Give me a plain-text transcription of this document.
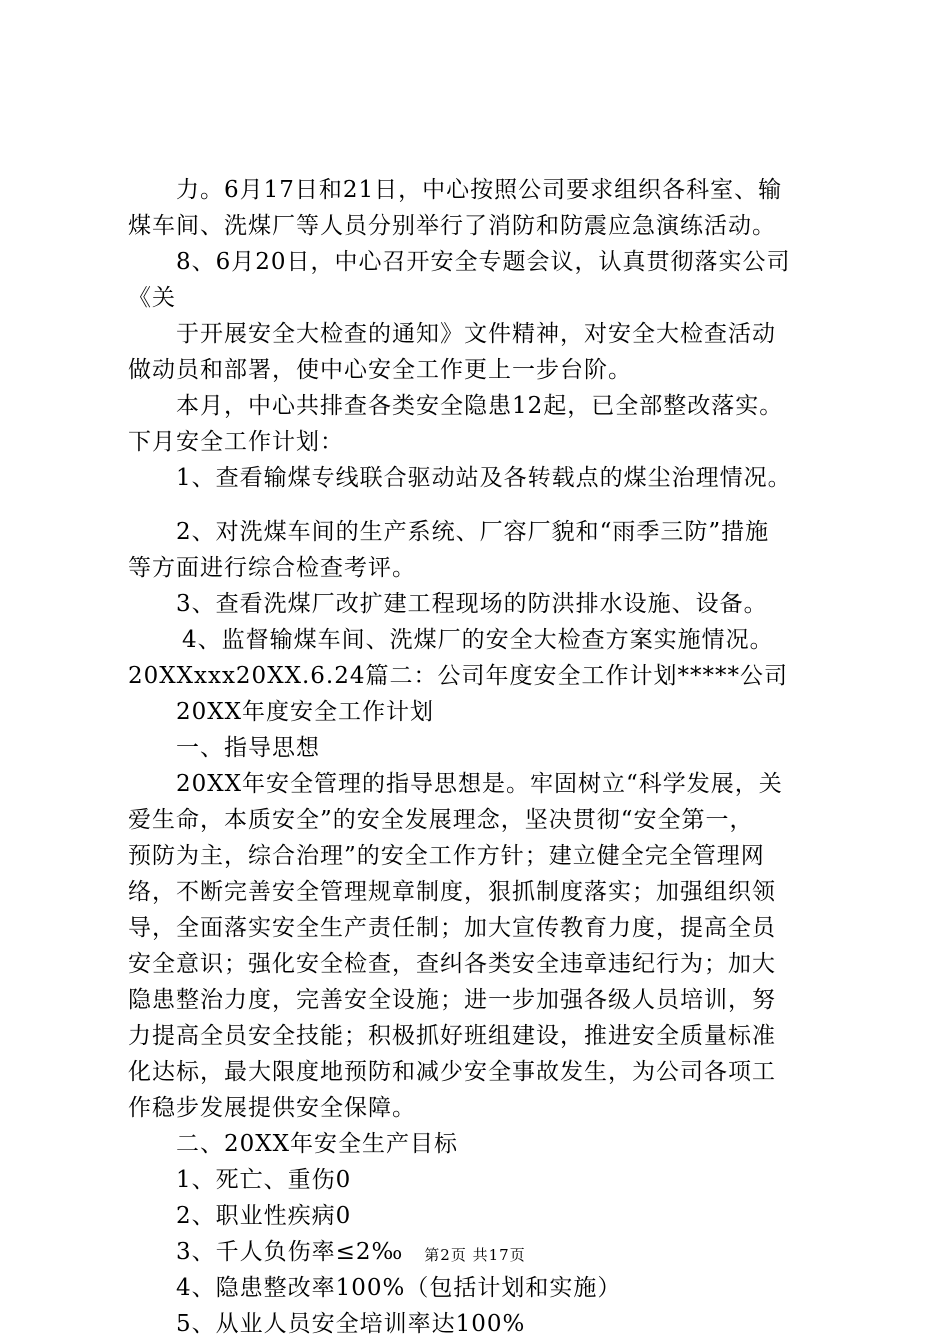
力。6月17日和21日，中心按照公司要求组织各科室、输
煤车间、洗煤厂等人员分别举行了消防和防震应急演练活动。
8、6月20日，中心召开安全专题会议，认真贯彻落实公司
《关
于开展安全大检查的通知》文件精神，对安全大检查活动
做动员和部署，使中心安全工作更上一步台阶。
本月，中心共排查各类安全隐患12起，已全部整改落实。
下月安全工作计划：
1、查看输煤专线联合驱动站及各转载点的煤尘治理情况。
2、对洗煤车间的生产系统、厂容厂貌和“雨季三防”措施
等方面进行综合检查考评。
3、查看洗煤厂改扩建工程现场的防洪排水设施、设备。
4、监督输煤车间、洗煤厂的安全大检查方案实施情况。
20XXxxx20XX.6.24篇二：公司年度安全工作计划*****公司
20XX年度安全工作计划
一、指导思想
20XX年安全管理的指导思想是。牢固树立“科学发展，关
爱生命，本质安全”的安全发展理念，坚决贯彻“安全第一，
预防为主，综合治理”的安全工作方针；建立健全完全管理网
络，不断完善安全管理规章制度，狠抓制度落实；加强组织领
导，全面落实安全生产责任制；加大宣传教育力度，提高全员
安全意识；强化安全检查，查纠各类安全违章违纪行为；加大
隐患整治力度，完善安全设施；进一步加强各级人员培训，努
力提高全员安全技能；积极抓好班组建设，推进安全质量标准
化达标，最大限度地预防和减少安全事故发生，为公司各项工
作稳步发展提供安全保障。
二、20XX年安全生产目标
1、死亡、重伤0
2、职业性疾病0
3、千人负伤率≤2‰
4、隐患整改率100%（包括计划和实施）
5、从业人员安全培训率达100%
第2页 共17页
